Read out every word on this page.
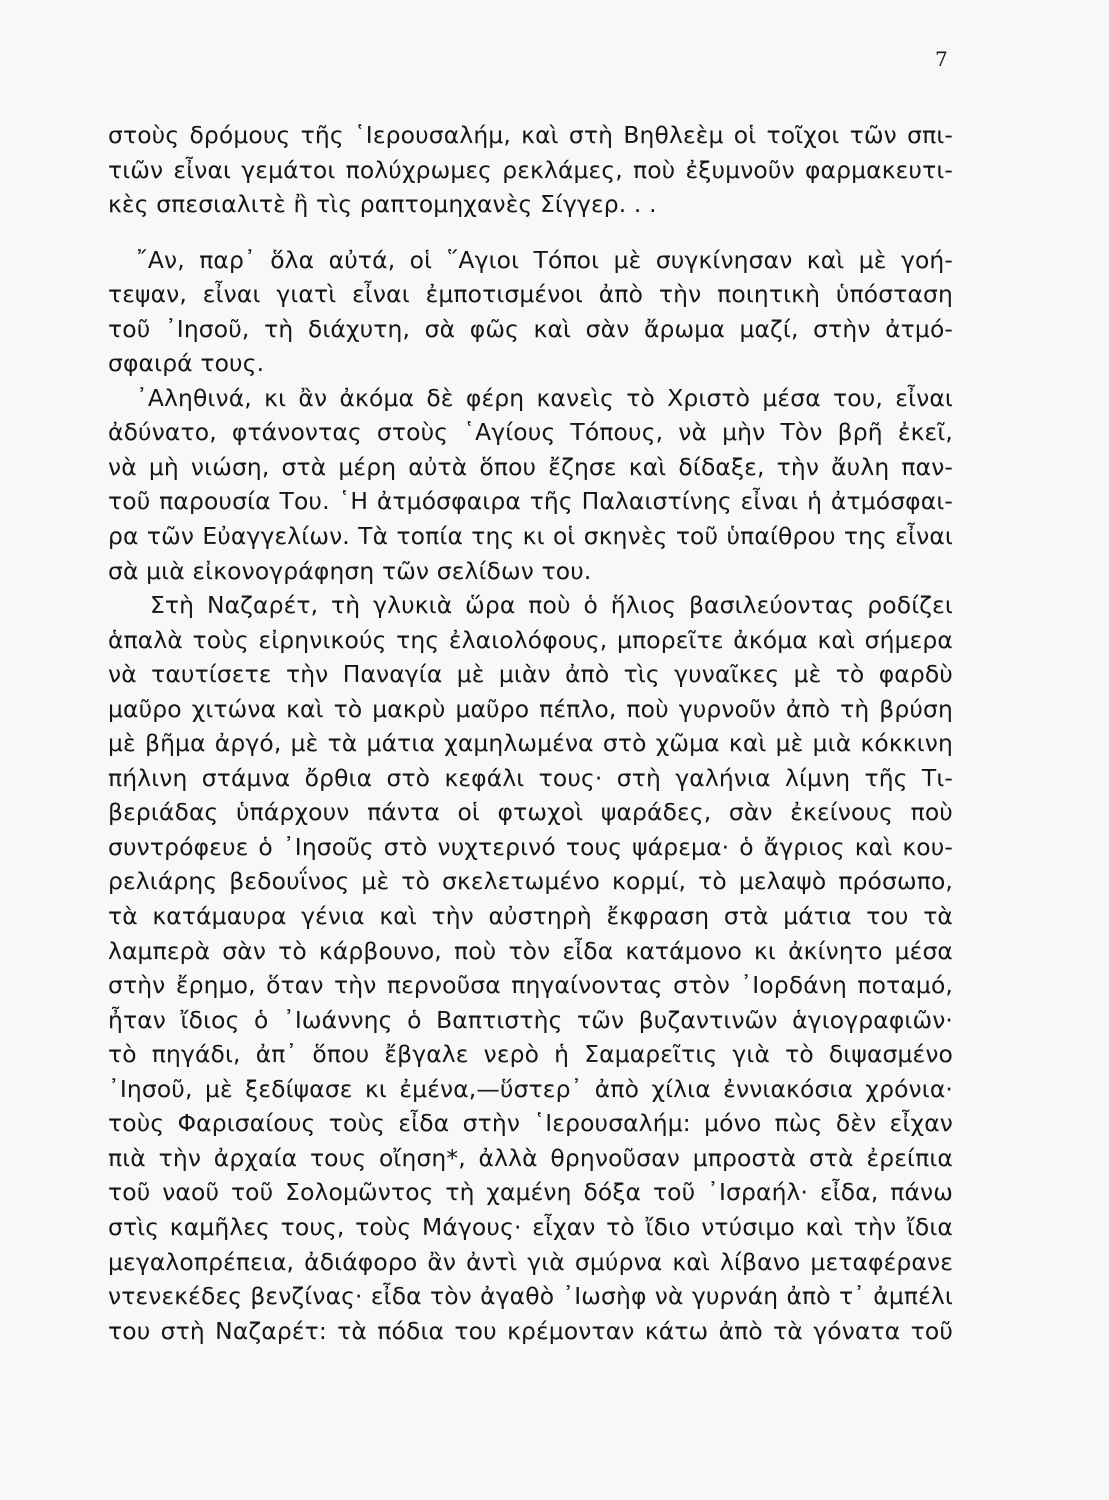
7
στοὺς δρόμους τῆς ῾Ιερουσαλήμ, καὶ στὴ Βηθλεὲμ οἱ τοῖχοι τῶν σπι-
τιῶν εἶναι γεμάτοι πολύχρωμες ρεκλάμες, ποὺ ἐξυμνοῦν φαρμακευτι-
κὲς σπεσιαλιτὲ ἢ τὶς ραπτομηχανὲς Σίγγερ. . .
῎Αν, παρ᾿ ὅλα αὐτά, οἱ ῞Αγιοι Τόποι μὲ συγκίνησαν καὶ μὲ γοή-
τεψαν, εἶναι γιατὶ εἶναι ἐμποτισμένοι ἀπὸ τὴν ποιητικὴ ὑπόσταση
τοῦ ᾿Ιησοῦ, τὴ διάχυτη, σὰ φῶς καὶ σὰν ἄρωμα μαζί, στὴν ἀτμό-
σφαιρά τους.
᾿Αληθινά, κι ἂν ἀκόμα δὲ φέρη κανεὶς τὸ Χριστὸ μέσα του, εἶναι
ἀδύνατο, φτάνοντας στοὺς ῾Αγίους Τόπους, νὰ μὴν Τὸν βρῆ ἐκεῖ,
νὰ μὴ νιώση, στὰ μέρη αὐτὰ ὅπου ἔζησε καὶ δίδαξε, τὴν ἄυλη παν-
τοῦ παρουσία Του. ῾Η ἀτμόσφαιρα τῆς Παλαιστίνης εἶναι ἡ ἀτμόσφαι-
ρα τῶν Εὐαγγελίων. Τὰ τοπία της κι οἱ σκηνὲς τοῦ ὑπαίθρου της εἶναι
σὰ μιὰ εἰκονογράφηση τῶν σελίδων του.
Στὴ Ναζαρέτ, τὴ γλυκιὰ ὥρα ποὺ ὁ ἥλιος βασιλεύοντας ροδίζει
ἁπαλὰ τοὺς εἰρηνικούς της ἐλαιολόφους, μπορεῖτε ἀκόμα καὶ σήμερα
νὰ ταυτίσετε τὴν Παναγία μὲ μιὰν ἀπὸ τὶς γυναῖκες μὲ τὸ φαρδὺ
μαῦρο χιτώνα καὶ τὸ μακρὺ μαῦρο πέπλο, ποὺ γυρνοῦν ἀπὸ τὴ βρύση
μὲ βῆμα ἀργό, μὲ τὰ μάτια χαμηλωμένα στὸ χῶμα καὶ μὲ μιὰ κόκκινη
πήλινη στάμνα ὄρθια στὸ κεφάλι τους· στὴ γαλήνια λίμνη τῆς Τι-
βεριάδας ὑπάρχουν πάντα οἱ φτωχοὶ ψαράδες, σὰν ἐκείνους ποὺ
συντρόφευε ὁ ᾿Ιησοῦς στὸ νυχτερινό τους ψάρεμα· ὁ ἄγριος καὶ κου-
ρελιάρης βεδουΐνος μὲ τὸ σκελετωμένο κορμί, τὸ μελαψὸ πρόσωπο,
τὰ κατάμαυρα γένια καὶ τὴν αὐστηρὴ ἔκφραση στὰ μάτια του τὰ
λαμπερὰ σὰν τὸ κάρβουνο, ποὺ τὸν εἶδα κατάμονο κι ἀκίνητο μέσα
στὴν ἔρημο, ὅταν τὴν περνοῦσα πηγαίνοντας στὸν ᾿Ιορδάνη ποταμό,
ἦταν ἴδιος ὁ ᾿Ιωάννης ὁ Βαπτιστὴς τῶν βυζαντινῶν ἁγιογραφιῶν·
τὸ πηγάδι, ἀπ᾿ ὅπου ἔβγαλε νερὸ ἡ Σαμαρεῖτις γιὰ τὸ διψασμένο
᾿Ιησοῦ, μὲ ξεδίψασε κι ἐμένα,—ὕστερ᾿ ἀπὸ χίλια ἐννιακόσια χρόνια·
τοὺς Φαρισαίους τοὺς εἶδα στὴν ῾Ιερουσαλήμ: μόνο πὼς δὲν εἶχαν
πιὰ τὴν ἀρχαία τους οἴηση*, ἀλλὰ θρηνοῦσαν μπροστὰ στὰ ἐρείπια
τοῦ ναοῦ τοῦ Σολομῶντος τὴ χαμένη δόξα τοῦ ᾿Ισραήλ· εἶδα, πάνω
στὶς καμῆλες τους, τοὺς Μάγους· εἶχαν τὸ ἴδιο ντύσιμο καὶ τὴν ἴδια
μεγαλοπρέπεια, ἀδιάφορο ἂν ἀντὶ γιὰ σμύρνα καὶ λίβανο μεταφέρανε
ντενεκέδες βενζίνας· εἶδα τὸν ἀγαθὸ ᾿Ιωσὴφ νὰ γυρνάη ἀπὸ τ᾿ ἀμπέλι
του στὴ Ναζαρέτ: τὰ πόδια του κρέμονταν κάτω ἀπὸ τὰ γόνατα τοῦ
